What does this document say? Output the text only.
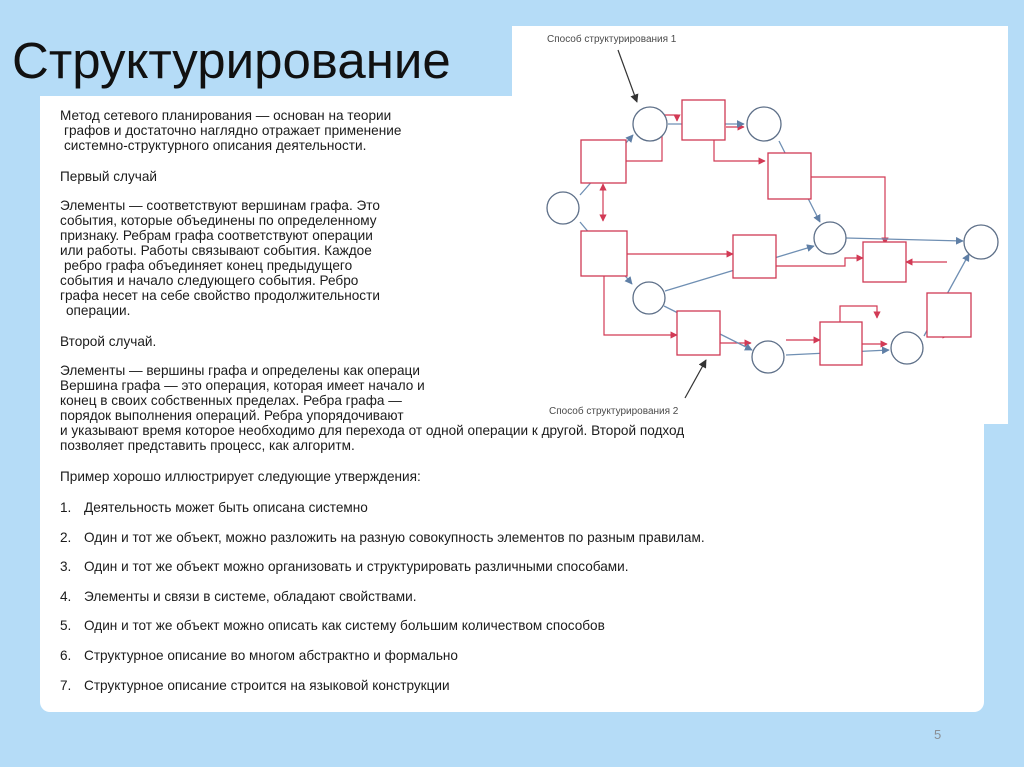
Структурирование	Способ структурирования 1
Способ структурирования 2

Метод сетевого планирования — основан на теории

графов и достаточно наглядно отражает применение

системно-структурного описания деятельности.

Первый случай

Элементы — соответствуют вершинам графа. Это

события, которые объединены по определенному

признаку. Ребрам графа соответствуют операции

или работы. Работы связывают события. Каждое

ребро графа объединяет конец предыдущего

события и начало следующего события. Ребро

графа несет на себе свойство продолжительности

операции.

Второй случай.

Элементы — вершины графа и определены как операци

Вершина графа — это операция, которая имеет начало и

конец в своих собственных пределах. Ребра графа —

порядок выполнения операций. Ребра упорядочивают

и указывают время которое необходимо для перехода от одной операции к другой. Второй подход

позволяет представить процесс, как алгоритм.

Пример хорошо иллюстрирует следующие утверждения:

1. Деятельность может быть описана системно
2. Один и тот же объект, можно разложить на разную совокупность элементов по разным правилам.
3. Один и тот же объект можно организовать и структурировать различными способами.
4. Элементы и связи в системе, обладают свойствами.
5. Один и тот же объект можно описать как систему большим количеством способов
6. Структурное описание во многом абстрактно и формально
7. Структурное описание строится на языковой конструкции
5
